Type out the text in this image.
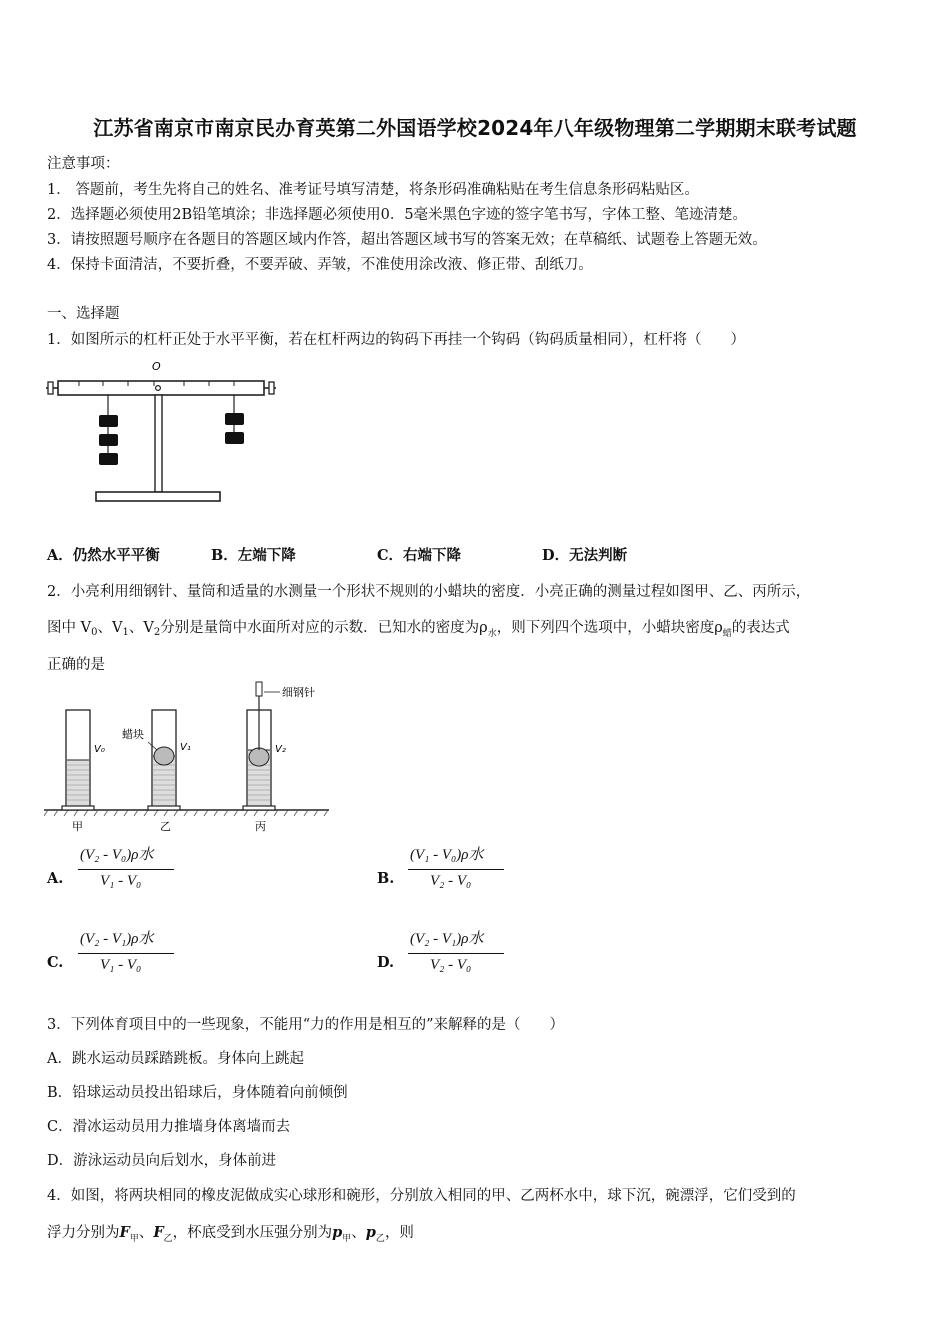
江苏省南京市南京民办育英第二外国语学校2024年八年级物理第二学期期末联考试题
注意事项：
1． 答题前，考生先将自己的姓名、准考证号填写清楚，将条形码准确粘贴在考生信息条形码粘贴区。
2．选择题必须使用2B铅笔填涂；非选择题必须使用0．5毫米黑色字迹的签字笔书写，字体工整、笔迹清楚。
3．请按照题号顺序在各题目的答题区域内作答，超出答题区域书写的答案无效；在草稿纸、试题卷上答题无效。
4．保持卡面清洁，不要折叠，不要弄破、弄皱，不准使用涂改液、修正带、刮纸刀。
一、选择题
1．如图所示的杠杆正处于水平平衡，若在杠杆两边的钩码下再挂一个钩码（钩码质量相同），杠杆将（　　）
O
A．仍然水平平衡	B．左端下降	C．右端下降	D．无法判断
2．小亮利用细钢针、量筒和适量的水测量一个形状不规则的小蜡块的密度．小亮正确的测量过程如图甲、乙、丙所示，
图中 $V_0$、$V_1$、$V_2$分别是量筒中水面所对应的示数．已知水的密度为$\rho_水$，则下列四个选项中，小蜡块密度$\rho_蜡$的表达式
正确的是
V₀
甲
蜡块
V₁
乙
细钢针
V₂
丙
A.
(V₂ - V₀)ρ水
V₁ - V₀	B.
(V₁ - V₀)ρ水
V₂ - V₀
C.
(V₂ - V₁)ρ水
V₁ - V₀	D.
(V₂ - V₁)ρ水
V₂ - V₀
3．下列体育项目中的一些现象，不能用“力的作用是相互的”来解释的是（　　）
A．跳水运动员踩踏跳板。身体向上跳起
B．铅球运动员投出铅球后，身体随着向前倾倒
C．滑冰运动员用力推墙身体离墙而去
D．游泳运动员向后划水，身体前进
4．如图，将两块相同的橡皮泥做成实心球形和碗形，分别放入相同的甲、乙两杯水中，球下沉，碗漂浮，它们受到的
浮力分别为$F_甲$、$F_乙$，杯底受到水压强分别为$p_甲$、$p_乙$，则
